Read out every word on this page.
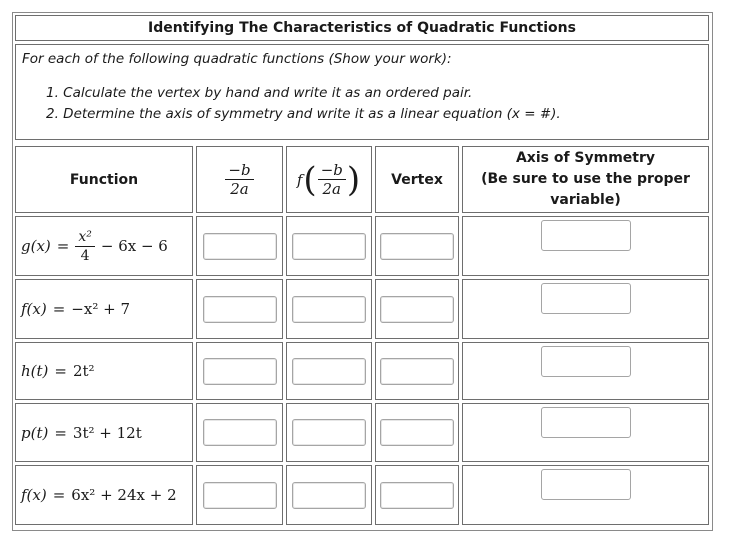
Identifying The Characteristics of Quadratic Functions
For each of the following quadratic functions (Show your work):
1. Calculate the vertex by hand and write it as an ordered pair.
2. Determine the axis of symmetry and write it as a linear equation (x = #).
Function	$\frac{-b}{2a}$	f ( $\frac{-b}{2a}$ ) Vertex
Axis of Symmetry
(Be sure to use the proper
variable)
$g(x) = \frac{\text{x²}}{4} - 6x - 6$
f(x) = −x² + 7
h(t) = 2t²
p(t) = 3t² + 12t
f(x) = 6x² + 24x + 2
